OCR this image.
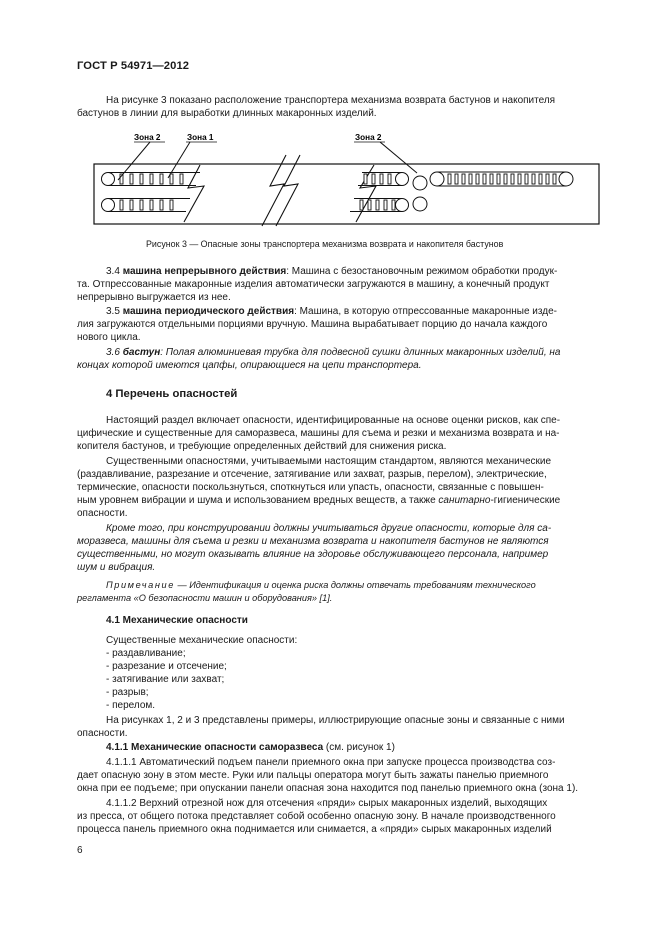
ГОСТ Р 54971—2012
На рисунке 3 показано расположение транспортера механизма возврата бастунов и накопителя
бастунов в линии для выработки длинных макаронных изделий.
Зона 2	Зона 1	Зона 2
Рисунок 3 — Опасные зоны транспортера механизма возврата и накопителя бастунов
3.4 машина непрерывного действия: Машина с безостановочным режимом обработки продук-
та. Отпрессованные макаронные изделия автоматически загружаются в машину, а конечный продукт
непрерывно выгружается из нее.
3.5 машина периодического действия: Машина, в которую отпрессованные макаронные изде-
лия загружаются отдельными порциями вручную. Машина вырабатывает порцию до начала каждого
нового цикла.
3.6 бастун: Полая алюминиевая трубка для подвесной сушки длинных макаронных изделий, на
концах которой имеются цапфы, опирающиеся на цепи транспортера.
4 Перечень опасностей
Настоящий раздел включает опасности, идентифицированные на основе оценки рисков, как спе-
цифические и существенные для самоpазвеса, машины для съема и резки и механизма возврата и на-
копителя бастунов, и требующие определенных действий для снижения риска.
Существенными опасностями, учитываемыми настоящим стандартом, являются механические
(раздавливание, разрезание и отсечение, затягивание или захват, разрыв, перелом), электрические,
термические, опасности поскользнуться, споткнуться или упасть, опасности, связанные с повышен-
ным уровнем вибрации и шума и использованием вредных веществ, а также санитарно-гигиенические
опасности.
Кроме того, при конструировании должны учитываться другие опасности, которые для са-
моразвеса, машины для съема и резки и механизма возврата и накопителя бастунов не являются
существенными, но могут оказывать влияние на здоровье обслуживающего персонала, например
шум и вибрация.
Примечание — Идентификация и оценка риска должны отвечать требованиям технического
регламента «О безопасности машин и оборудования» [1].
4.1 Механические опасности
Существенные механические опасности:
- раздавливание;
- разрезание и отсечение;
- затягивание или захват;
- разрыв;
- перелом.
На рисунках 1, 2 и 3 представлены примеры, иллюстрирующие опасные зоны и связанные с ними
опасности.
4.1.1 Механические опасности самоpазвеса (см. рисунок 1)
4.1.1.1 Автоматический подъем панели приемного окна при запуске процесса производства соз-
дает опасную зону в этом месте. Руки или пальцы оператора могут быть зажаты панелью приемного
окна при ее подъеме; при опускании панели опасная зона находится под панелью приемного окна (зона 1).
4.1.1.2 Верхний отрезной нож для отсечения «пряди» сырых макаронных изделий, выходящих
из пресса, от общего потока представляет собой особенно опасную зону. В начале производственного
процесса панель приемного окна поднимается или снимается, а «пряди» сырых макаронных изделий
6
